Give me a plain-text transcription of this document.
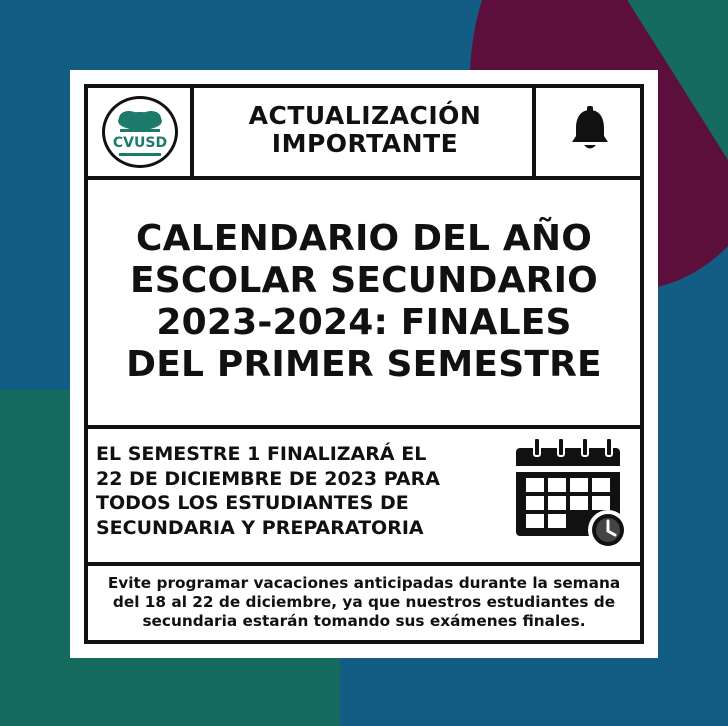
CVUSD
ACTUALIZACIÓN
IMPORTANTE
CALENDARIO DEL AÑO
ESCOLAR SECUNDARIO
2023-2024: FINALES
DEL PRIMER SEMESTRE
EL SEMESTRE 1 FINALIZARÁ EL
22 DE DICIEMBRE DE 2023 PARA
TODOS LOS ESTUDIANTES DE
SECUNDARIA Y PREPARATORIA
Evite programar vacaciones anticipadas durante la semana
del 18 al 22 de diciembre, ya que nuestros estudiantes de
secundaria estarán tomando sus exámenes finales.
